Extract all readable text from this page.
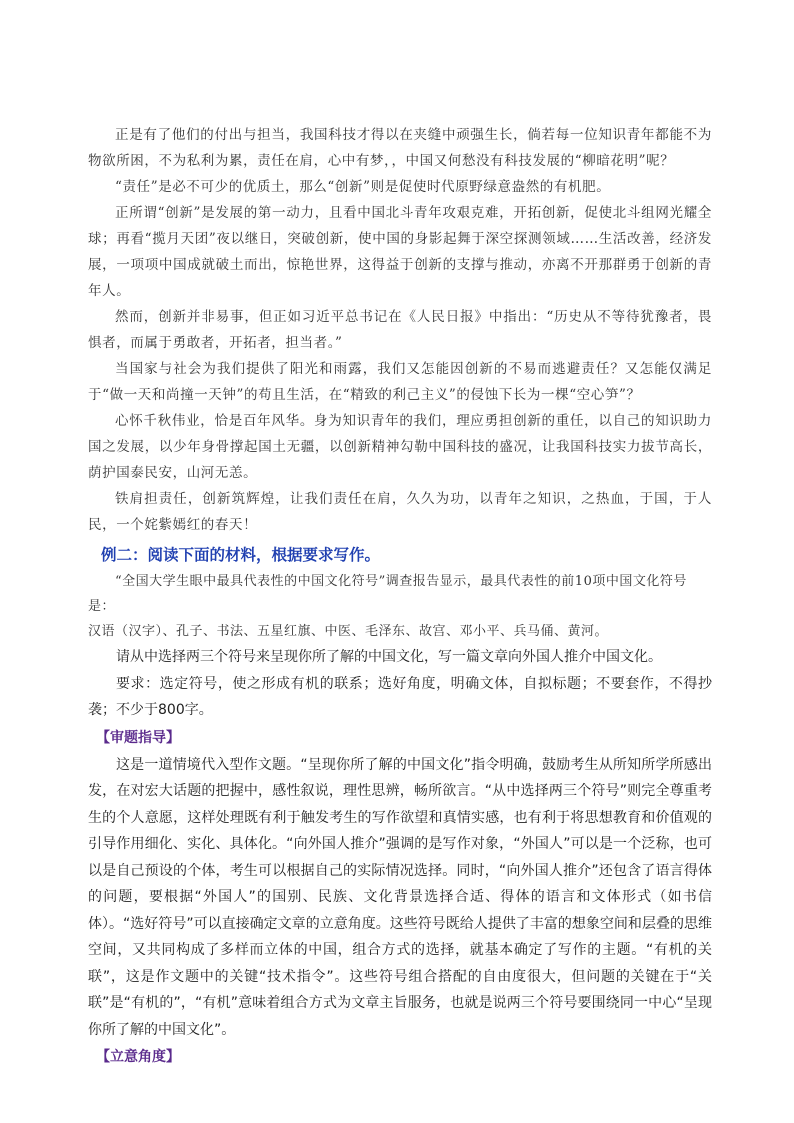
正是有了他们的付出与担当，我国科技才得以在夹缝中顽强生长，倘若每一位知识青年都能不为物欲所困，不为私利为累，责任在肩，心中有梦，，中国又何愁没有科技发展的“柳暗花明”呢？

“责任”是必不可少的优质土，那么“创新”则是促使时代原野绿意盎然的有机肥。

正所谓“创新”是发展的第一动力，且看中国北斗青年攻艰克难，开拓创新，促使北斗组网光耀全球；再看“揽月天团”夜以继日，突破创新，使中国的身影起舞于深空探测领域……生活改善，经济发展，一项项中国成就破土而出，惊艳世界，这得益于创新的支撑与推动，亦离不开那群勇于创新的青年人。

然而，创新并非易事，但正如习近平总书记在《人民日报》中指出：“历史从不等待犹豫者，畏惧者，而属于勇敢者，开拓者，担当者。”

当国家与社会为我们提供了阳光和雨露，我们又怎能因创新的不易而逃避责任？又怎能仅满足于“做一天和尚撞一天钟”的苟且生活，在“精致的利己主义”的侵蚀下长为一棵“空心笋”？

心怀千秋伟业，恰是百年风华。身为知识青年的我们，理应勇担创新的重任，以自己的知识助力国之发展，以少年身骨撑起国土无疆，以创新精神勾勒中国科技的盛况，让我国科技实力拔节高长，荫护国泰民安，山河无恙。

铁肩担责任，创新筑辉煌，让我们责任在肩，久久为功，以青年之知识，之热血，于国，于人民，一个姹紫嫣红的春天！

例二：阅读下面的材料，根据要求写作。

“全国大学生眼中最具代表性的中国文化符号”调查报告显示，最具代表性的前10项中国文化符号是：

汉语（汉字）、孔子、书法、五星红旗、中医、毛泽东、故宫、邓小平、兵马俑、黄河。

请从中选择两三个符号来呈现你所了解的中国文化，写一篇文章向外国人推介中国文化。

要求：选定符号，使之形成有机的联系；选好角度，明确文体，自拟标题；不要套作，不得抄袭；不少于800字。

【审题指导】

这是一道情境代入型作文题。“呈现你所了解的中国文化”指令明确，鼓励考生从所知所学所感出发，在对宏大话题的把握中，感性叙说，理性思辨，畅所欲言。“从中选择两三个符号”则完全尊重考生的个人意愿，这样处理既有利于触发考生的写作欲望和真情实感，也有利于将思想教育和价值观的引导作用细化、实化、具体化。“向外国人推介”强调的是写作对象，“外国人”可以是一个泛称，也可以是自己预设的个体，考生可以根据自己的实际情况选择。同时，“向外国人推介”还包含了语言得体的问题，要根据“外国人”的国别、民族、文化背景选择合适、得体的语言和文体形式（如书信体）。“选好符号”可以直接确定文章的立意角度。这些符号既给人提供了丰富的想象空间和层叠的思维空间，又共同构成了多样而立体的中国，组合方式的选择，就基本确定了写作的主题。“有机的关联”，这是作文题中的关键“技术指令”。这些符号组合搭配的自由度很大，但问题的关键在于“关联”是“有机的”，“有机”意味着组合方式为文章主旨服务，也就是说两三个符号要围绕同一中心“呈现你所了解的中国文化”。

【立意角度】
